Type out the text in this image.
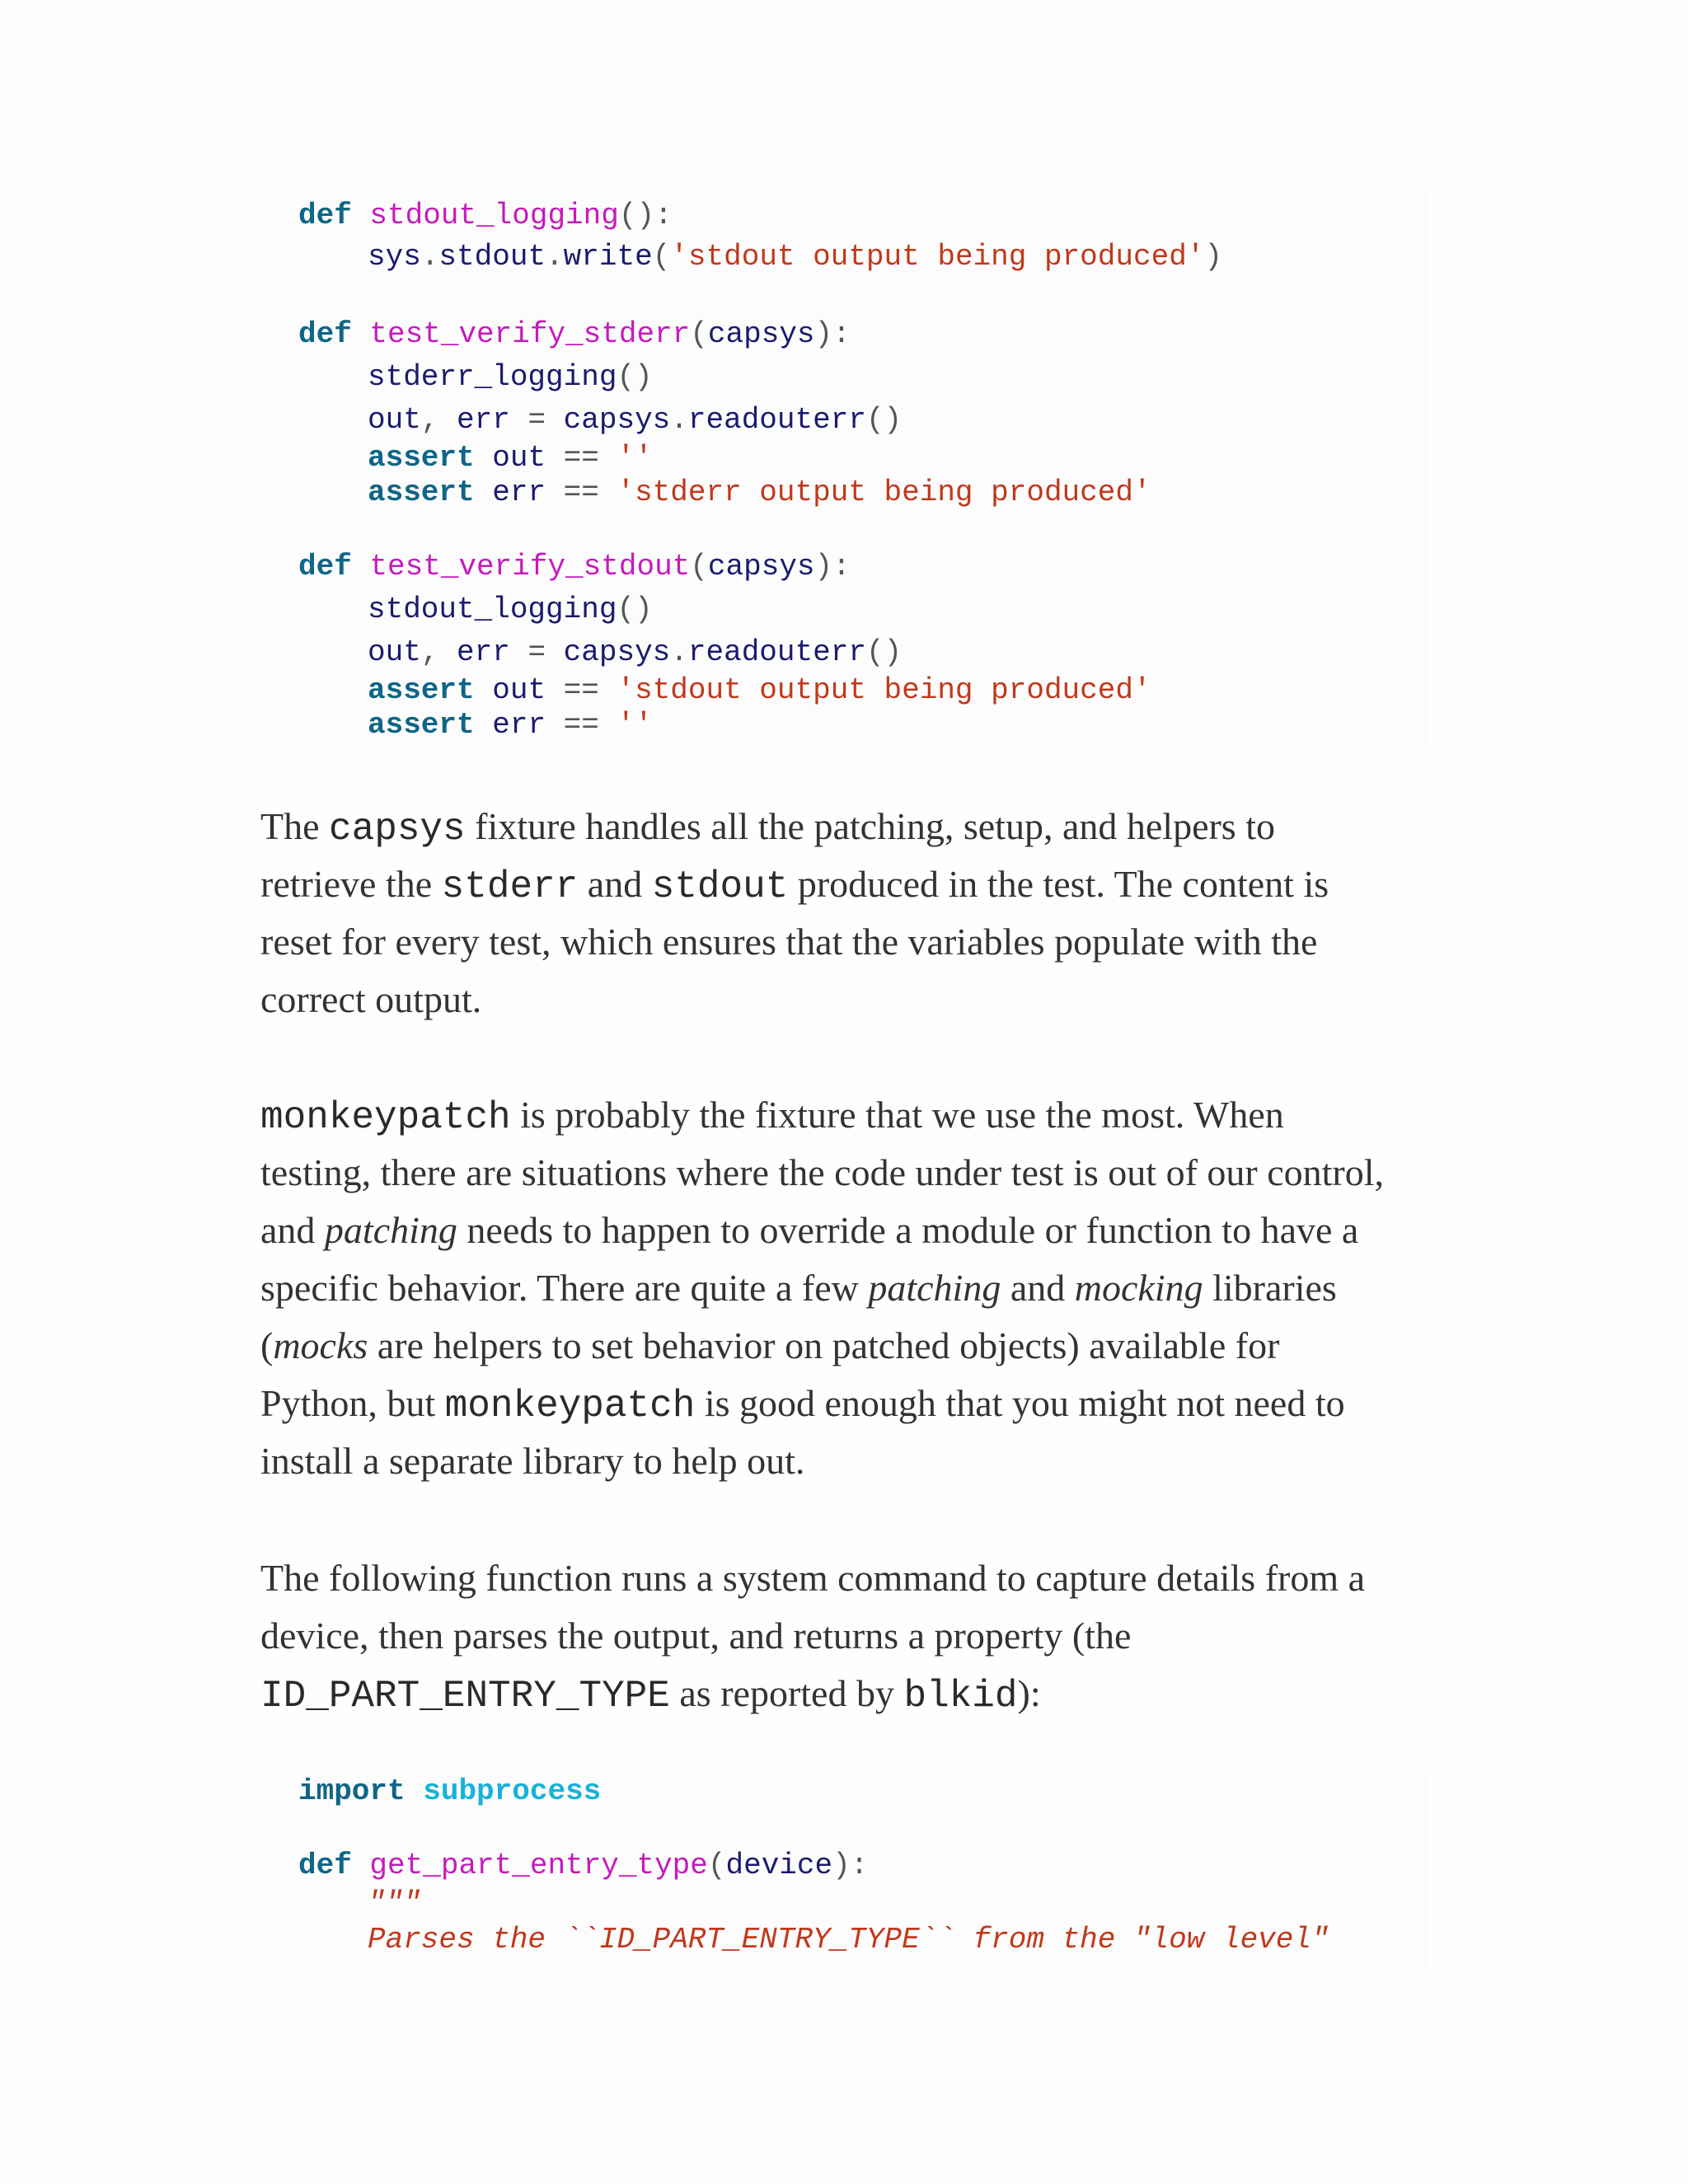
def stdout_logging():
sys.stdout.write('stdout output being produced')
def test_verify_stderr(capsys):
stderr_logging()
out, err = capsys.readouterr()
assert out == ''
assert err == 'stderr output being produced'
def test_verify_stdout(capsys):
stdout_logging()
out, err = capsys.readouterr()
assert out == 'stdout output being produced'
assert err == ''
The capsys fixture handles all the patching, setup, and helpers to
retrieve the stderr and stdout produced in the test. The content is
reset for every test, which ensures that the variables populate with the
correct output.
monkeypatch is probably the fixture that we use the most. When
testing, there are situations where the code under test is out of our control,
and patching needs to happen to override a module or function to have a
specific behavior. There are quite a few patching and mocking libraries
(mocks are helpers to set behavior on patched objects) available for
Python, but monkeypatch is good enough that you might not need to
install a separate library to help out.
The following function runs a system command to capture details from a
device, then parses the output, and returns a property (the
ID_PART_ENTRY_TYPE as reported by blkid):
import subprocess
def get_part_entry_type(device):
"""
Parses the ``ID_PART_ENTRY_TYPE`` from the "low level"
